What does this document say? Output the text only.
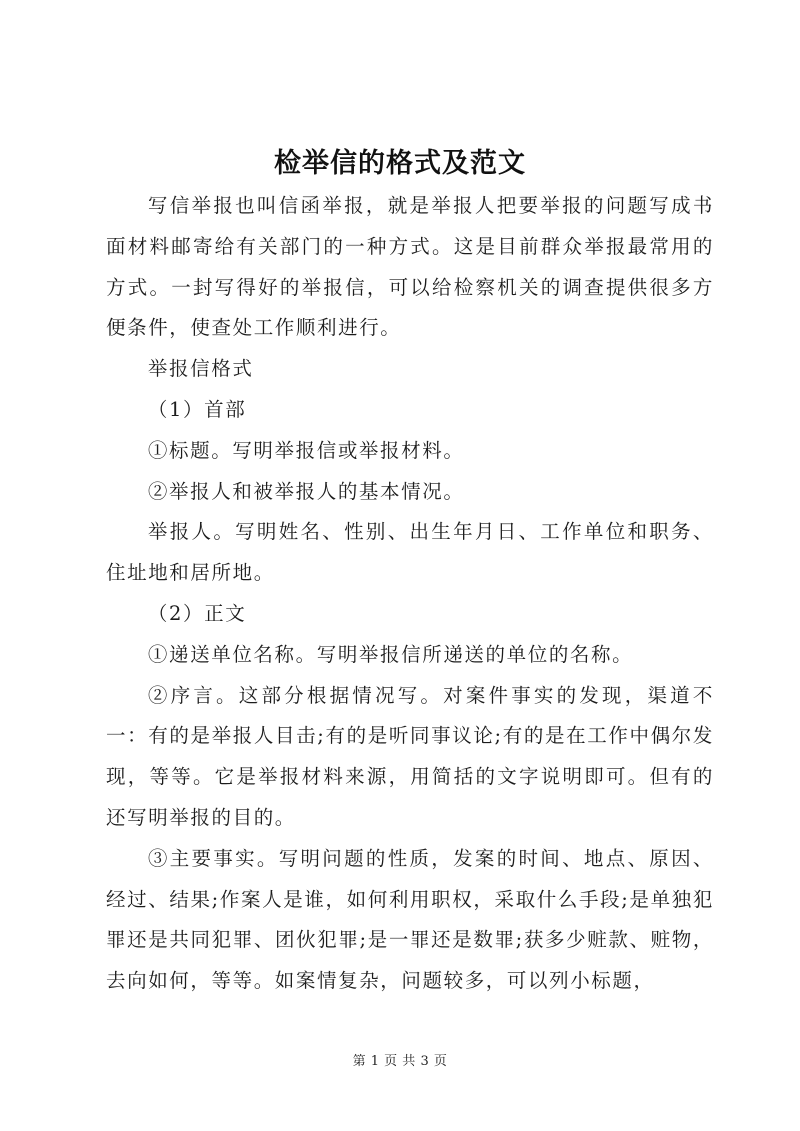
检举信的格式及范文

写信举报也叫信函举报，就是举报人把要举报的问题写成书面材料邮寄给有关部门的一种方式。这是目前群众举报最常用的方式。一封写得好的举报信，可以给检察机关的调查提供很多方便条件，使查处工作顺利进行。

举报信格式

（1）首部

①标题。写明举报信或举报材料。

②举报人和被举报人的基本情况。

举报人。写明姓名、性别、出生年月日、工作单位和职务、住址地和居所地。

（2）正文

①递送单位名称。写明举报信所递送的单位的名称。

②序言。这部分根据情况写。对案件事实的发现，渠道不一：有的是举报人目击;有的是听同事议论;有的是在工作中偶尔发现，等等。它是举报材料来源，用简括的文字说明即可。但有的还写明举报的目的。

③主要事实。写明问题的性质，发案的时间、地点、原因、经过、结果;作案人是谁，如何利用职权，采取什么手段;是单独犯罪还是共同犯罪、团伙犯罪;是一罪还是数罪;获多少赃款、赃物，去向如何，等等。如案情复杂，问题较多，可以列小标题，

第 1 页 共 3 页
